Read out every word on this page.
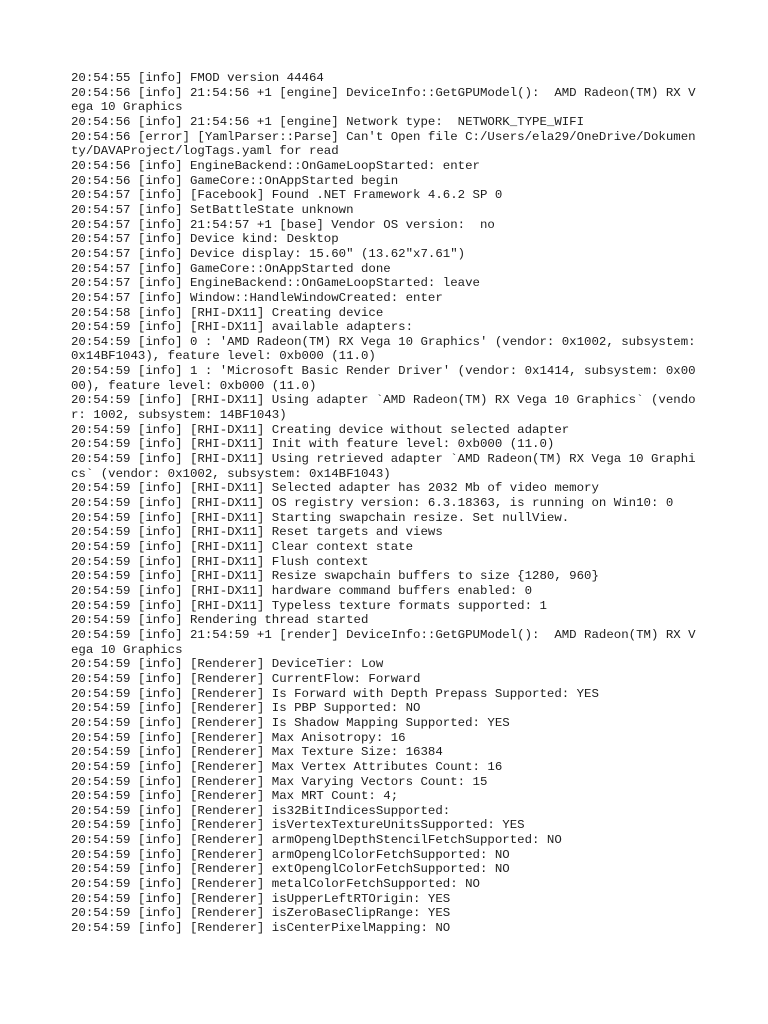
20:54:55 [info] FMOD version 44464
20:54:56 [info] 21:54:56 +1 [engine] DeviceInfo::GetGPUModel():  AMD Radeon(TM) RX Vega 10 Graphics
20:54:56 [info] 21:54:56 +1 [engine] Network type:  NETWORK_TYPE_WIFI
20:54:56 [error] [YamlParser::Parse] Can't Open file C:/Users/ela29/OneDrive/Dokumenty/DAVAProject/logTags.yaml for read
20:54:56 [info] EngineBackend::OnGameLoopStarted: enter
20:54:56 [info] GameCore::OnAppStarted begin
20:54:57 [info] [Facebook] Found .NET Framework 4.6.2 SP 0
20:54:57 [info] SetBattleState unknown
20:54:57 [info] 21:54:57 +1 [base] Vendor OS version:  no
20:54:57 [info] Device kind: Desktop
20:54:57 [info] Device display: 15.60" (13.62"x7.61")
20:54:57 [info] GameCore::OnAppStarted done
20:54:57 [info] EngineBackend::OnGameLoopStarted: leave
20:54:57 [info] Window::HandleWindowCreated: enter
20:54:58 [info] [RHI-DX11] Creating device
20:54:59 [info] [RHI-DX11] available adapters:
20:54:59 [info] 0 : 'AMD Radeon(TM) RX Vega 10 Graphics' (vendor: 0x1002, subsystem: 0x14BF1043), feature level: 0xb000 (11.0)
20:54:59 [info] 1 : 'Microsoft Basic Render Driver' (vendor: 0x1414, subsystem: 0x0000), feature level: 0xb000 (11.0)
20:54:59 [info] [RHI-DX11] Using adapter `AMD Radeon(TM) RX Vega 10 Graphics` (vendor: 1002, subsystem: 14BF1043)
20:54:59 [info] [RHI-DX11] Creating device without selected adapter
20:54:59 [info] [RHI-DX11] Init with feature level: 0xb000 (11.0)
20:54:59 [info] [RHI-DX11] Using retrieved adapter `AMD Radeon(TM) RX Vega 10 Graphics` (vendor: 0x1002, subsystem: 0x14BF1043)
20:54:59 [info] [RHI-DX11] Selected adapter has 2032 Mb of video memory
20:54:59 [info] [RHI-DX11] OS registry version: 6.3.18363, is running on Win10: 0
20:54:59 [info] [RHI-DX11] Starting swapchain resize. Set nullView.
20:54:59 [info] [RHI-DX11] Reset targets and views
20:54:59 [info] [RHI-DX11] Clear context state
20:54:59 [info] [RHI-DX11] Flush context
20:54:59 [info] [RHI-DX11] Resize swapchain buffers to size {1280, 960}
20:54:59 [info] [RHI-DX11] hardware command buffers enabled: 0
20:54:59 [info] [RHI-DX11] Typeless texture formats supported: 1
20:54:59 [info] Rendering thread started
20:54:59 [info] 21:54:59 +1 [render] DeviceInfo::GetGPUModel():  AMD Radeon(TM) RX Vega 10 Graphics
20:54:59 [info] [Renderer] DeviceTier: Low
20:54:59 [info] [Renderer] CurrentFlow: Forward
20:54:59 [info] [Renderer] Is Forward with Depth Prepass Supported: YES
20:54:59 [info] [Renderer] Is PBP Supported: NO
20:54:59 [info] [Renderer] Is Shadow Mapping Supported: YES
20:54:59 [info] [Renderer] Max Anisotropy: 16
20:54:59 [info] [Renderer] Max Texture Size: 16384
20:54:59 [info] [Renderer] Max Vertex Attributes Count: 16
20:54:59 [info] [Renderer] Max Varying Vectors Count: 15
20:54:59 [info] [Renderer] Max MRT Count: 4;
20:54:59 [info] [Renderer] is32BitIndicesSupported:
20:54:59 [info] [Renderer] isVertexTextureUnitsSupported: YES
20:54:59 [info] [Renderer] armOpenglDepthStencilFetchSupported: NO
20:54:59 [info] [Renderer] armOpenglColorFetchSupported: NO
20:54:59 [info] [Renderer] extOpenglColorFetchSupported: NO
20:54:59 [info] [Renderer] metalColorFetchSupported: NO
20:54:59 [info] [Renderer] isUpperLeftRTOrigin: YES
20:54:59 [info] [Renderer] isZeroBaseClipRange: YES
20:54:59 [info] [Renderer] isCenterPixelMapping: NO
